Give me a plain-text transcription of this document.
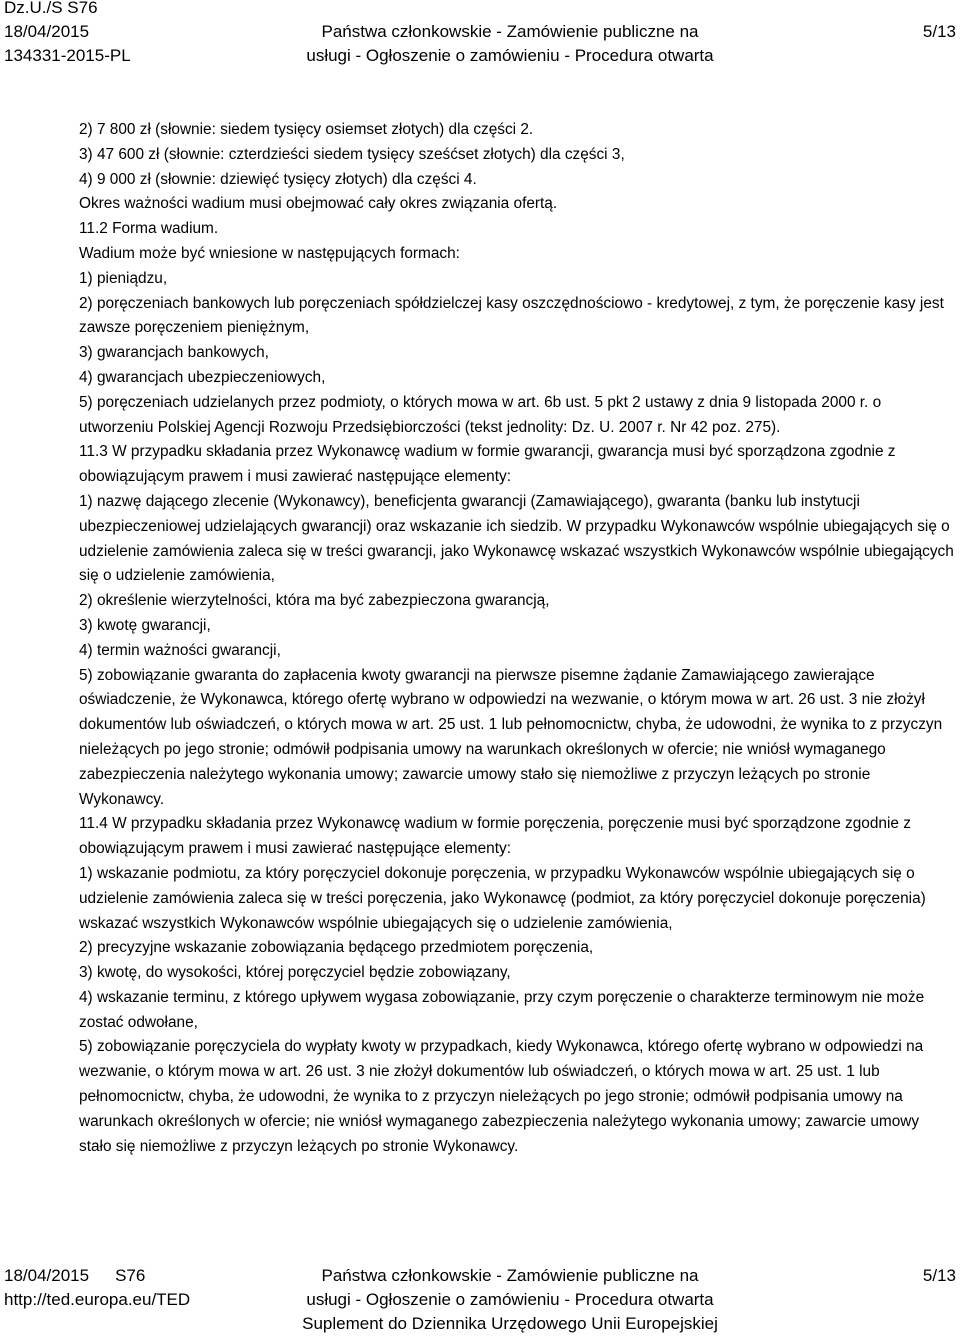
Dz.U./S S76
18/04/2015
134331-2015-PL
Państwa członkowskie - Zamówienie publiczne na
usługi - Ogłoszenie o zamówieniu - Procedura otwarta
5/13

2) 7 800 zł (słownie: siedem tysięcy osiemset złotych) dla części 2.

3) 47 600 zł (słownie: czterdzieści siedem tysięcy sześćset złotych) dla części 3,

4) 9 000 zł (słownie: dziewięć tysięcy złotych) dla części 4.

Okres ważności wadium musi obejmować cały okres związania ofertą.

11.2 Forma wadium.

Wadium może być wniesione w następujących formach:

1) pieniądzu,

2) poręczeniach bankowych lub poręczeniach spółdzielczej kasy oszczędnościowo - kredytowej, z tym, że poręczenie kasy jest zawsze poręczeniem pieniężnym,

3) gwarancjach bankowych,

4) gwarancjach ubezpieczeniowych,

5) poręczeniach udzielanych przez podmioty, o których mowa w art. 6b ust. 5 pkt 2 ustawy z dnia 9 listopada 2000 r. o utworzeniu Polskiej Agencji Rozwoju Przedsiębiorczości (tekst jednolity: Dz. U. 2007 r. Nr 42 poz. 275).

11.3 W przypadku składania przez Wykonawcę wadium w formie gwarancji, gwarancja musi być sporządzona zgodnie z obowiązującym prawem i musi zawierać następujące elementy:

1) nazwę dającego zlecenie (Wykonawcy), beneficjenta gwarancji (Zamawiającego), gwaranta (banku lub instytucji ubezpieczeniowej udzielających gwarancji) oraz wskazanie ich siedzib. W przypadku Wykonawców wspólnie ubiegających się o udzielenie zamówienia zaleca się w treści gwarancji, jako Wykonawcę wskazać wszystkich Wykonawców wspólnie ubiegających się o udzielenie zamówienia,

2) określenie wierzytelności, która ma być zabezpieczona gwarancją,

3) kwotę gwarancji,

4) termin ważności gwarancji,

5) zobowiązanie gwaranta do zapłacenia kwoty gwarancji na pierwsze pisemne żądanie Zamawiającego zawierające oświadczenie, że Wykonawca, którego ofertę wybrano w odpowiedzi na wezwanie, o którym mowa w art. 26 ust. 3 nie złożył dokumentów lub oświadczeń, o których mowa w art. 25 ust. 1 lub pełnomocnictw, chyba, że udowodni, że wynika to z przyczyn nieleżących po jego stronie; odmówił podpisania umowy na warunkach określonych w ofercie; nie wniósł wymaganego zabezpieczenia należytego wykonania umowy; zawarcie umowy stało się niemożliwe z przyczyn leżących po stronie Wykonawcy.

11.4 W przypadku składania przez Wykonawcę wadium w formie poręczenia, poręczenie musi być sporządzone zgodnie z obowiązującym prawem i musi zawierać następujące elementy:

1) wskazanie podmiotu, za który poręczyciel dokonuje poręczenia, w przypadku Wykonawców wspólnie ubiegających się o udzielenie zamówienia zaleca się w treści poręczenia, jako Wykonawcę (podmiot, za który poręczyciel dokonuje poręczenia) wskazać wszystkich Wykonawców wspólnie ubiegających się o udzielenie zamówienia,

2) precyzyjne wskazanie zobowiązania będącego przedmiotem poręczenia,

3) kwotę, do wysokości, której poręczyciel będzie zobowiązany,

4) wskazanie terminu, z którego upływem wygasa zobowiązanie, przy czym poręczenie o charakterze terminowym nie może zostać odwołane,

5) zobowiązanie poręczyciela do wypłaty kwoty w przypadkach, kiedy Wykonawca, którego ofertę wybrano w odpowiedzi na wezwanie, o którym mowa w art. 26 ust. 3 nie złożył dokumentów lub oświadczeń, o których mowa w art. 25 ust. 1 lub pełnomocnictw, chyba, że udowodni, że wynika to z przyczyn nieleżących po jego stronie; odmówił podpisania umowy na warunkach określonych w ofercie; nie wniósł wymaganego zabezpieczenia należytego wykonania umowy; zawarcie umowy stało się niemożliwe z przyczyn leżących po stronie Wykonawcy.

18/04/2015 S76
http://ted.europa.eu/TED
Państwa członkowskie - Zamówienie publiczne na
usługi - Ogłoszenie o zamówieniu - Procedura otwarta
Suplement do Dziennika Urzędowego Unii Europejskiej
5/13
